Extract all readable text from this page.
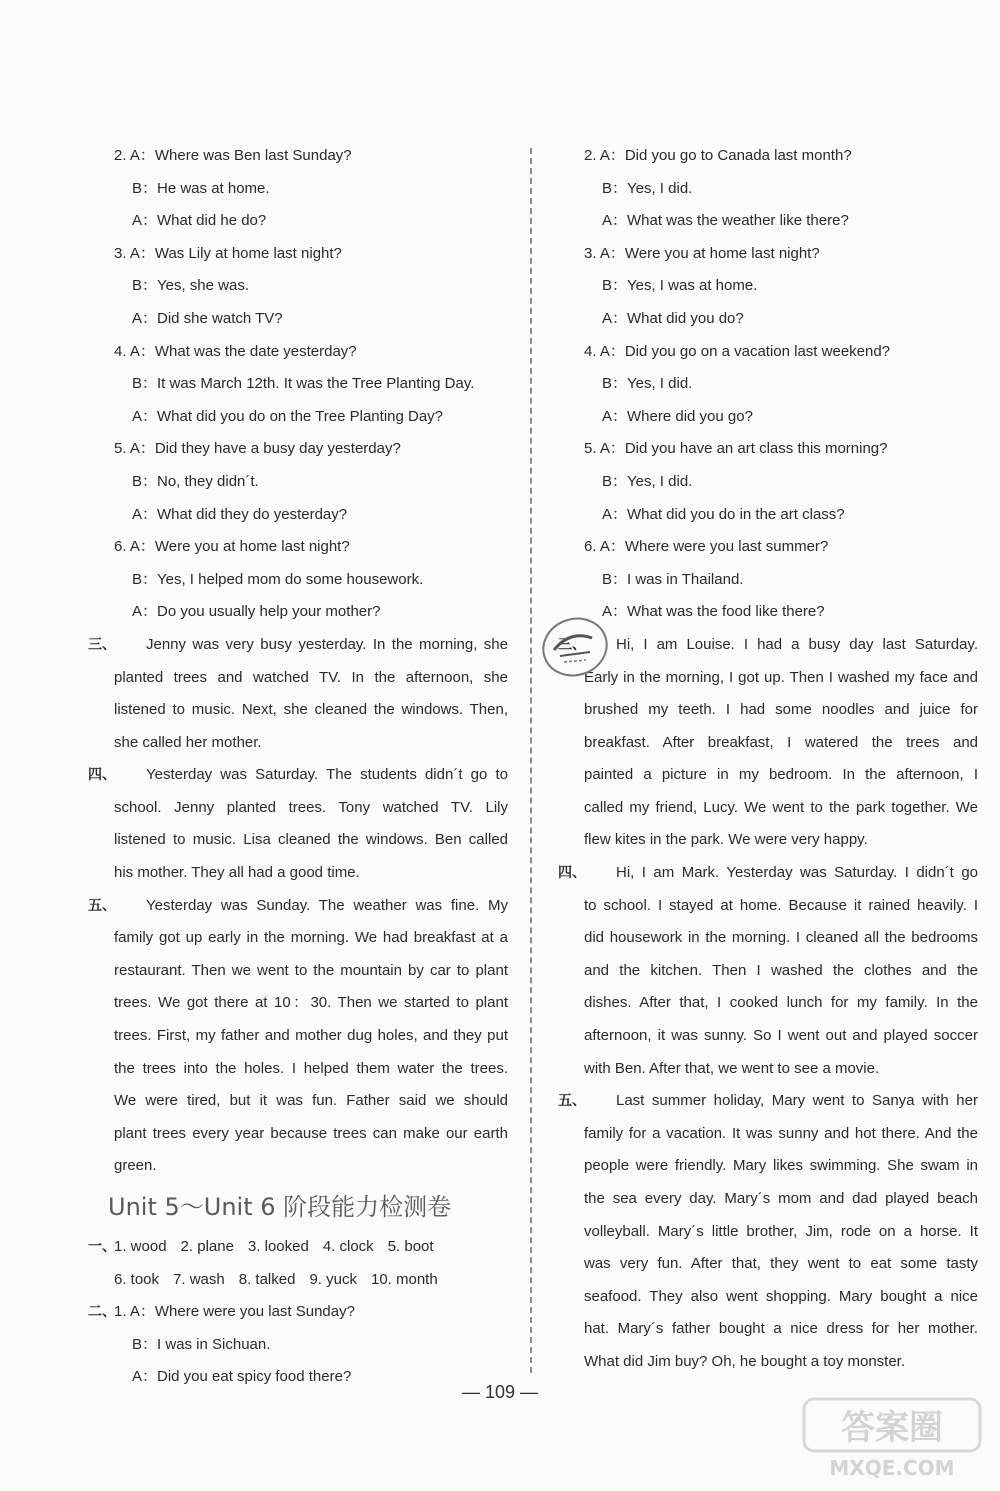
2. A：Where was Ben last Sunday?
B：He was at home.
A：What did he do?
3. A：Was Lily at home last night?
B：Yes, she was.
A：Did she watch TV?
4. A：What was the date yesterday?
B：It was March 12th. It was the Tree Planting Day.
A：What did you do on the Tree Planting Day?
5. A：Did they have a busy day yesterday?
B：No, they didn´t.
A：What did they do yesterday?
6. A：Were you at home last night?
B：Yes, I helped mom do some housework.
A：Do you usually help your mother?
三、	Jenny was very busy yesterday. In the morning, she
planted trees and watched TV. In the afternoon, she
listened to music. Next, she cleaned the windows. Then,
she called her mother.
四、	Yesterday was Saturday. The students didn´t go to
school. Jenny planted trees. Tony watched TV. Lily
listened to music. Lisa cleaned the windows. Ben called
his mother. They all had a good time.
五、	Yesterday was Sunday. The weather was fine. My
family got up early in the morning. We had breakfast at a
restaurant. Then we went to the mountain by car to plant
trees. We got there at 10：30. Then we started to plant
trees. First, my father and mother dug holes, and they put
the trees into the holes. I helped them water the trees.
We were tired, but it was fun. Father said we should
plant trees every year because trees can make our earth
green.
Unit 5～Unit 6 阶段能力检测卷
一、
1. wood 2. plane 3. looked 4. clock 5. boot
6. took 7. wash 8. talked 9. yuck 10. month
二、
1. A：Where were you last Sunday?
B：I was in Sichuan.
A：Did you eat spicy food there?
2. A：Did you go to Canada last month?
B：Yes, I did.
A：What was the weather like there?
3. A：Were you at home last night?
B：Yes, I was at home.
A：What did you do?
4. A：Did you go on a vacation last weekend?
B：Yes, I did.
A：Where did you go?
5. A：Did you have an art class this morning?
B：Yes, I did.
A：What did you do in the art class?
6. A：Where were you last summer?
B：I was in Thailand.
A：What was the food like there?
三、	Hi, I am Louise. I had a busy day last Saturday.
Early in the morning, I got up. Then I washed my face and
brushed my teeth. I had some noodles and juice for
breakfast. After breakfast, I watered the trees and
painted a picture in my bedroom. In the afternoon, I
called my friend, Lucy. We went to the park together. We
flew kites in the park. We were very happy.
四、	Hi, I am Mark. Yesterday was Saturday. I didn´t go
to school. I stayed at home. Because it rained heavily. I
did housework in the morning. I cleaned all the bedrooms
and the kitchen. Then I washed the clothes and the
dishes. After that, I cooked lunch for my family. In the
afternoon, it was sunny. So I went out and played soccer
with Ben. After that, we went to see a movie.
五、	Last summer holiday, Mary went to Sanya with her
family for a vacation. It was sunny and hot there. And the
people were friendly. Mary likes swimming. She swam in
the sea every day. Mary´s mom and dad played beach
volleyball. Mary´s little brother, Jim, rode on a horse. It
was very fun. After that, they went to eat some tasty
seafood. They also went shopping. Mary bought a nice
hat. Mary´s father bought a nice dress for her mother.
What did Jim buy? Oh, he bought a toy monster.
— 109 —
答案圈
MXQE.COM
